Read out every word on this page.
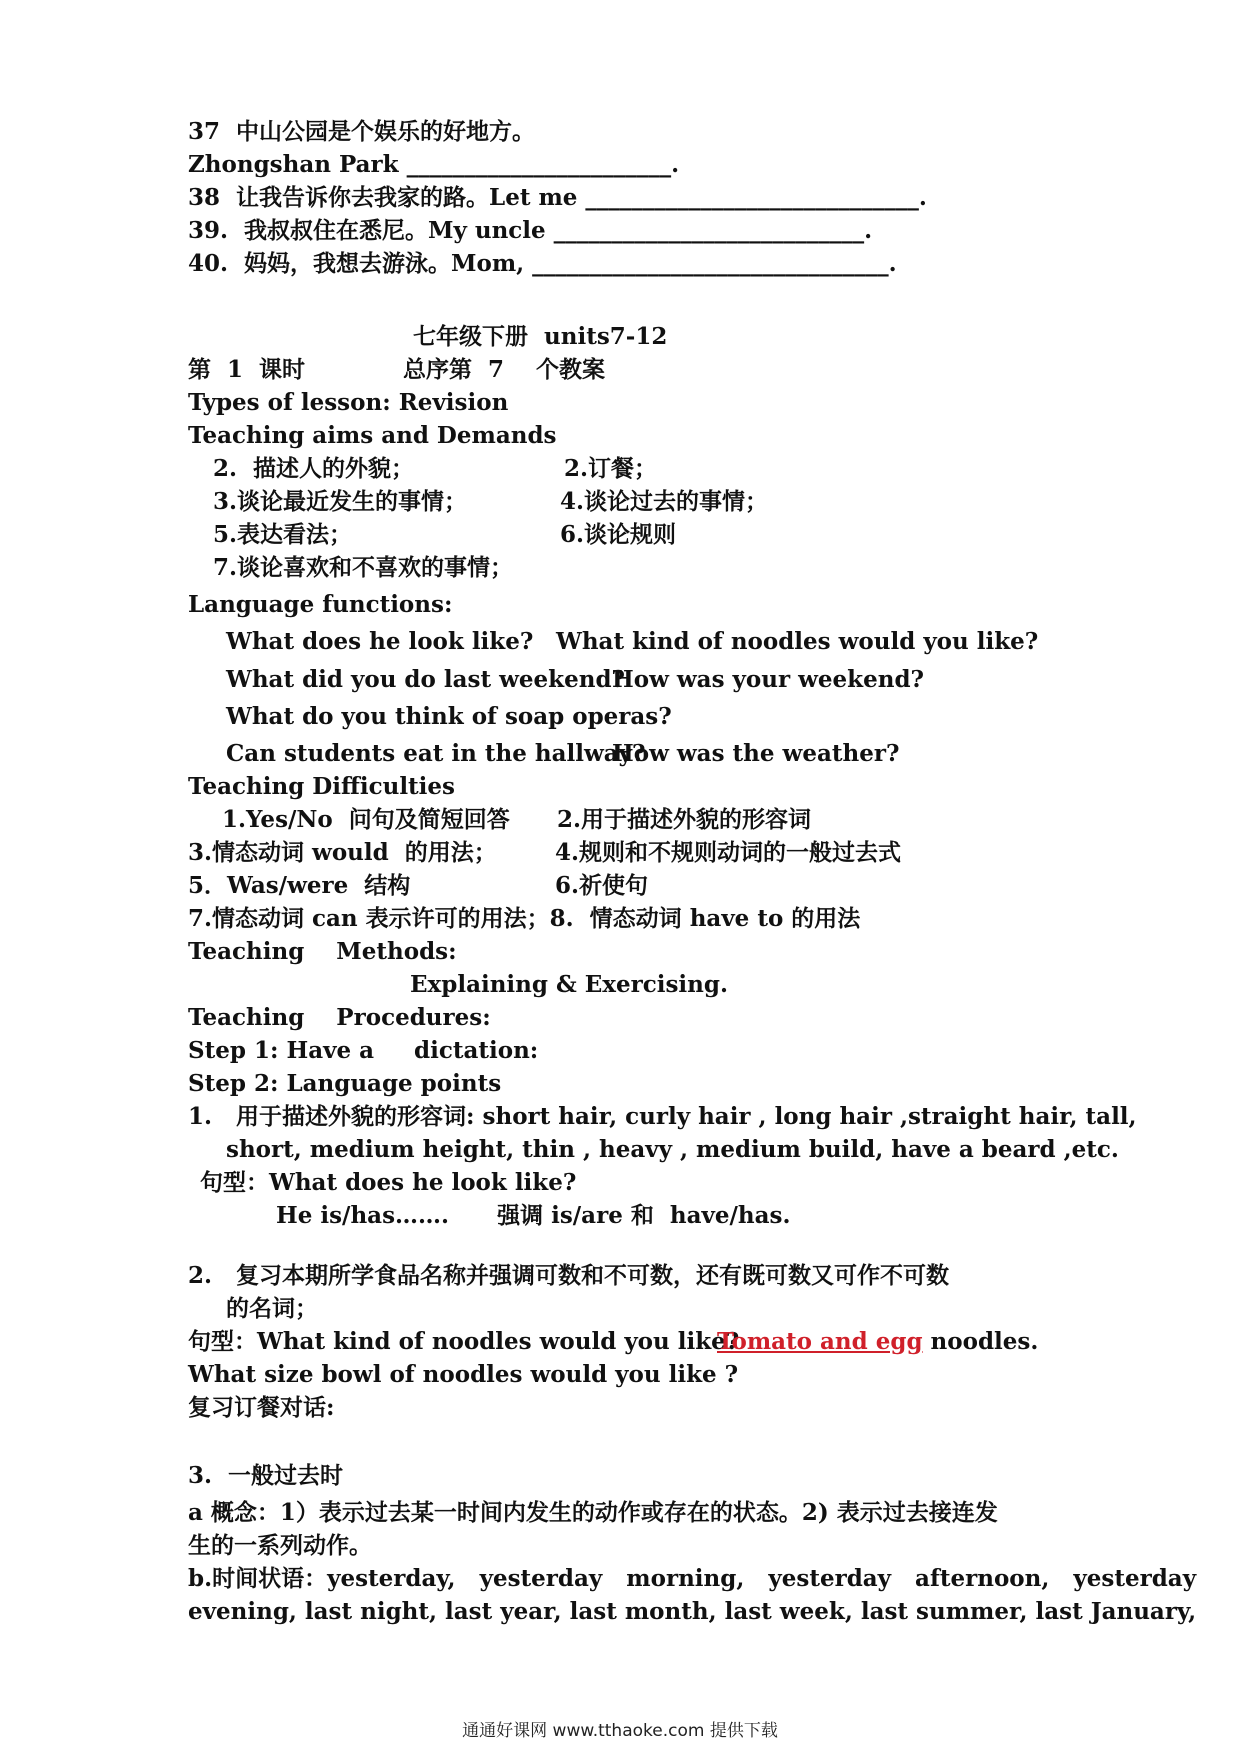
37  中山公园是个娱乐的好地方。
Zhongshan Park _______________________.
38  让我告诉你去我家的路。Let me _____________________________.
39.  我叔叔住在悉尼。My uncle ___________________________.
40.  妈妈，我想去游泳。Mom, _______________________________.
七年级下册  units7-12
第  1  课时	总序第  7    个教案
Types of lesson: Revision
Teaching aims and Demands
2.  描述人的外貌；	2.订餐；
3.谈论最近发生的事情；	4.谈论过去的事情；
5.表达看法；	6.谈论规则
7.谈论喜欢和不喜欢的事情；
Language functions:
What does he look like? What kind of noodles would you like?
What did you do last weekend?
How was your weekend?
What do you think of soap operas?
Can students eat in the hallway?
How was the weather?
Teaching Difficulties
1.Yes/No  问句及简短回答 2.用于描述外貌的形容词
3.情态动词 would  的用法；	4.规则和不规则动词的一般过去式
5．Was/were  结构	6.祈使句
7.情态动词 can 表示许可的用法；8.  情态动词 have to 的用法
Teaching    Methods:
Explaining & Exercising.
Teaching    Procedures:
Step 1: Have a     dictation:
Step 2: Language points
1.   用于描述外貌的形容词: short hair, curly hair , long hair ,straight hair, tall,
short, medium height, thin , heavy , medium build, have a beard ,etc.
句型：What does he look like?
He is/has…….      强调 is/are 和  have/has.
2.   复习本期所学食品名称并强调可数和不可数，还有既可数又可作不可数
的名词；
句型：What kind of noodles would you like?
Tomato and egg noodles.
What size bowl of noodles would you like ?
复习订餐对话:
3.  一般过去时
a 概念：1）表示过去某一时间内发生的动作或存在的状态。2) 表示过去接连发
生的一系列动作。
b.时间状语：yesterday,   yesterday   morning,   yesterday   afternoon,   yesterday
evening, last night, last year, last month, last week, last summer, last January,
通通好课网 www.tthaoke.com 提供下载
